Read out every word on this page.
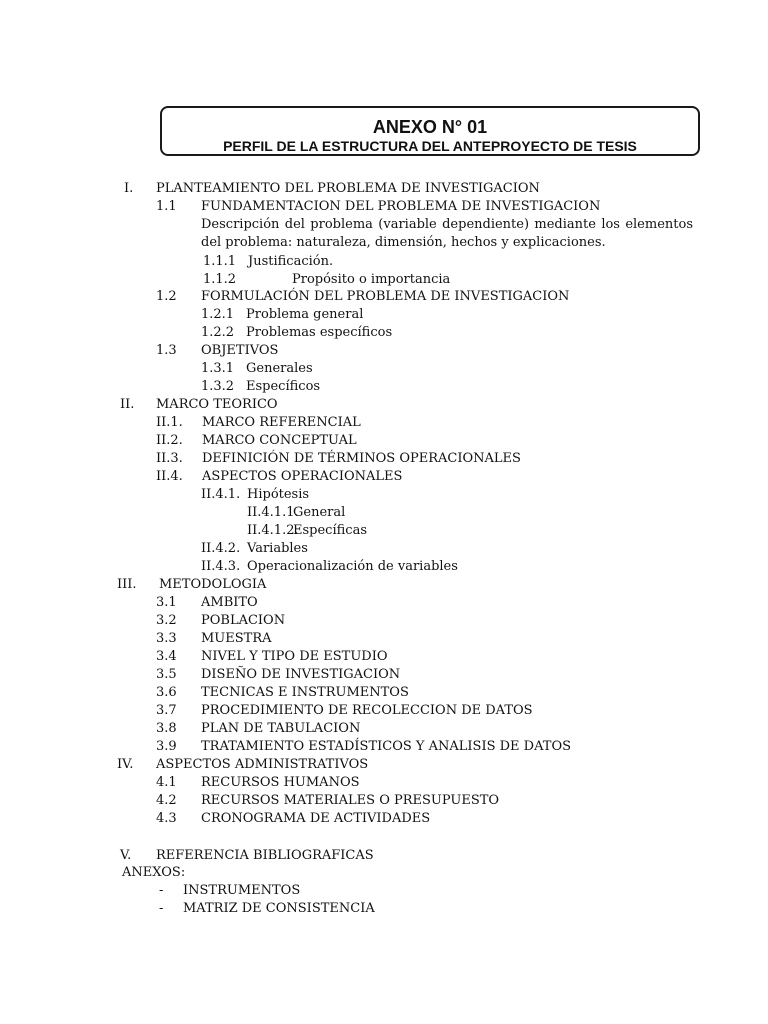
ANEXO N° 01
PERFIL DE LA ESTRUCTURA DEL ANTEPROYECTO DE TESIS
I. PLANTEAMIENTO DEL PROBLEMA DE INVESTIGACION
1.1 FUNDAMENTACION DEL PROBLEMA DE INVESTIGACION
Descripción del problema (variable dependiente) mediante los elementos del problema: naturaleza, dimensión, hechos y explicaciones.
1.1.1 Justificación.
1.1.2	Propósito o importancia
1.2 FORMULACIÓN DEL PROBLEMA DE INVESTIGACION
1.2.1 Problema general
1.2.2 Problemas específicos
1.3 OBJETIVOS
1.3.1 Generales
1.3.2 Específicos
II. MARCO TEORICO
II.1. MARCO REFERENCIAL
II.2. MARCO CONCEPTUAL
II.3. DEFINICIÓN DE TÉRMINOS OPERACIONALES
II.4. ASPECTOS OPERACIONALES
II.4.1. Hipótesis
II.4.1.1.
General
II.4.1.2.
Específicas
II.4.2. Variables
II.4.3. Operacionalización de variables
III. METODOLOGIA
3.1 AMBITO
3.2 POBLACION
3.3 MUESTRA
3.4 NIVEL Y TIPO DE ESTUDIO
3.5 DISEÑO DE INVESTIGACION
3.6 TECNICAS E INSTRUMENTOS
3.7 PROCEDIMIENTO DE RECOLECCION DE DATOS
3.8 PLAN DE TABULACION
3.9 TRATAMIENTO ESTADÍSTICOS Y ANALISIS DE DATOS
IV. ASPECTOS ADMINISTRATIVOS
4.1 RECURSOS HUMANOS
4.2 RECURSOS MATERIALES O PRESUPUESTO
4.3 CRONOGRAMA DE ACTIVIDADES
V. REFERENCIA BIBLIOGRAFICAS
ANEXOS:
- INSTRUMENTOS
- MATRIZ DE CONSISTENCIA
